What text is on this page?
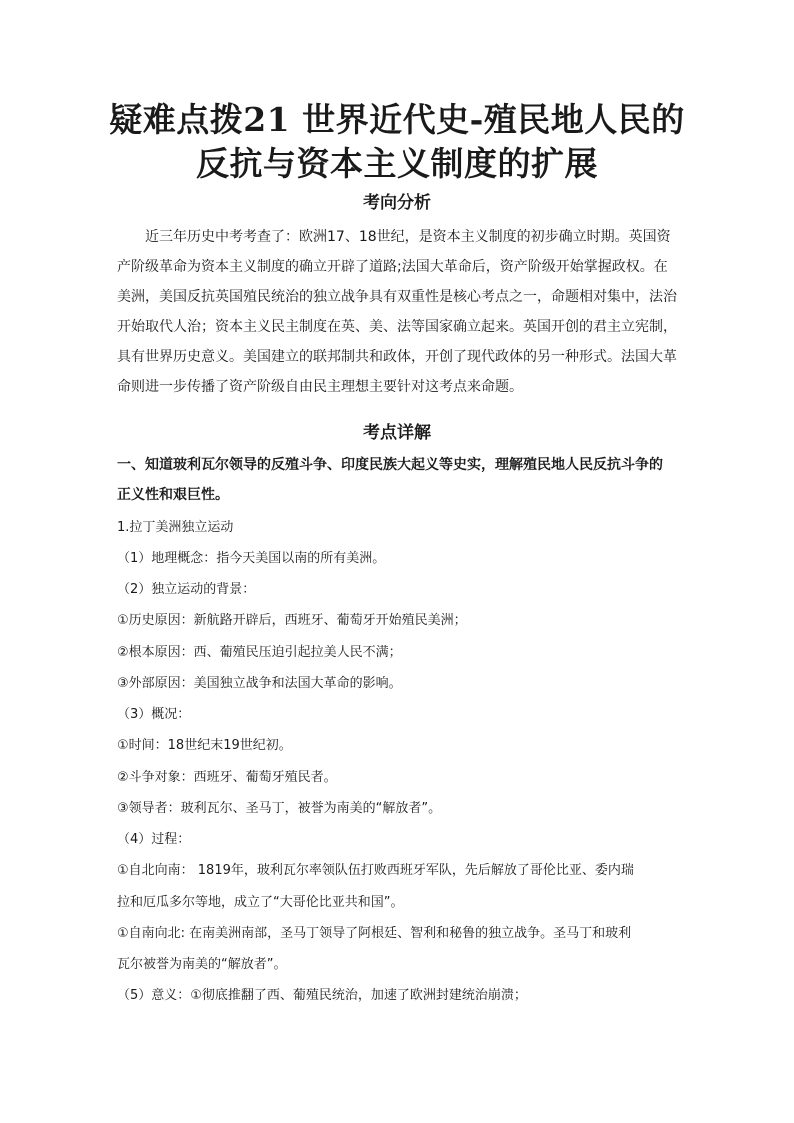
疑难点拨21 世界近代史-殖民地人民的
反抗与资本主义制度的扩展
考向分析
近三年历史中考考查了：欧洲17、18世纪，是资本主义制度的初步确立时期。英国资
产阶级革命为资本主义制度的确立开辟了道路;法国大革命后，资产阶级开始掌握政权。在
美洲，美国反抗英国殖民统治的独立战争具有双重性是核心考点之一，命题相对集中，法治
开始取代人治；资本主义民主制度在英、美、法等国家确立起来。英国开创的君主立宪制，
具有世界历史意义。美国建立的联邦制共和政体，开创了现代政体的另一种形式。法国大革
命则进一步传播了资产阶级自由民主理想主要针对这考点来命题。
考点详解
一、知道玻利瓦尔领导的反殖斗争、印度民族大起义等史实，理解殖民地人民反抗斗争的
正义性和艰巨性。
1.拉丁美洲独立运动
（1）地理概念：指今天美国以南的所有美洲。
（2）独立运动的背景：
①历史原因：新航路开辟后，西班牙、葡萄牙开始殖民美洲；
②根本原因：西、葡殖民压迫引起拉美人民不满；
③外部原因：美国独立战争和法国大革命的影响。
（3）概况：
①时间：18世纪末19世纪初。
②斗争对象：西班牙、葡萄牙殖民者。
③领导者：玻利瓦尔、圣马丁，被誉为南美的“解放者”。
（4）过程：
①自北向南： 1819年，玻利瓦尔率领队伍打败西班牙军队，先后解放了哥伦比亚、委内瑞
拉和厄瓜多尔等地，成立了“大哥伦比亚共和国”。
①自南向北: 在南美洲南部，圣马丁领导了阿根廷、智利和秘鲁的独立战争。圣马丁和玻利
瓦尔被誉为南美的“解放者”。
（5）意义：①彻底推翻了西、葡殖民统治，加速了欧洲封建统治崩溃；
